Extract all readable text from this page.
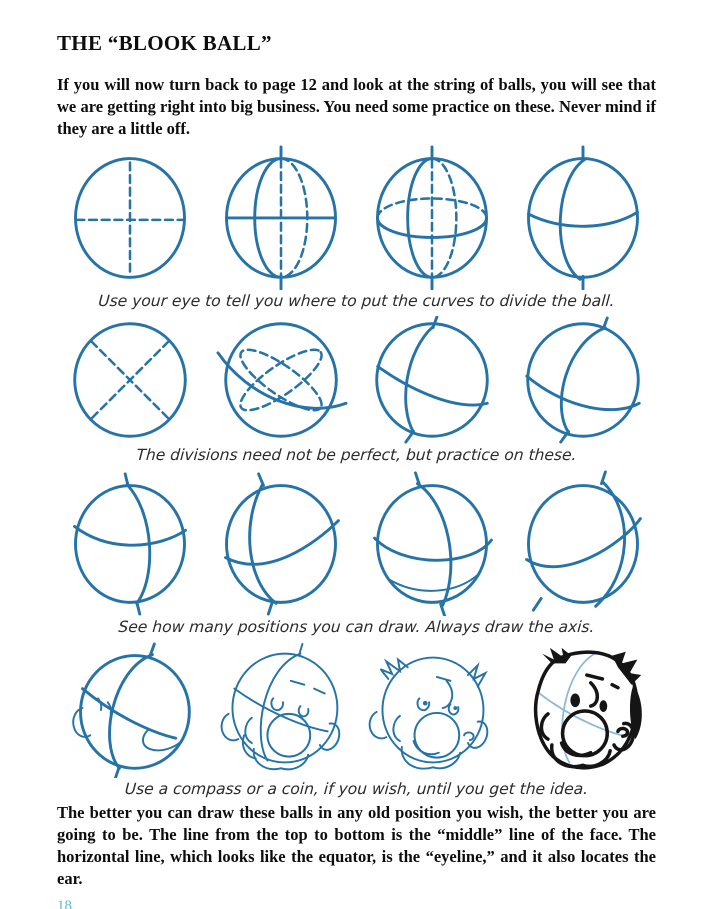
THE “BLOOK BALL”

If you will now turn back to page 12 and look at the string of balls, you will see that we are getting right into big business. You need some practice on these. Never mind if they are a little off.

Use your eye to tell you where to put the curves to divide the ball.
The divisions need not be perfect, but practice on these.
See how many positions you can draw. Always draw the axis.
Use a compass or a coin, if you wish, until you get the idea.

The better you can draw these balls in any old position you wish, the better you are going to be. The line from the top to bottom is the “middle” line of the face. The horizontal line, which looks like the equator, is the “eyeline,” and it also locates the ear.

18
